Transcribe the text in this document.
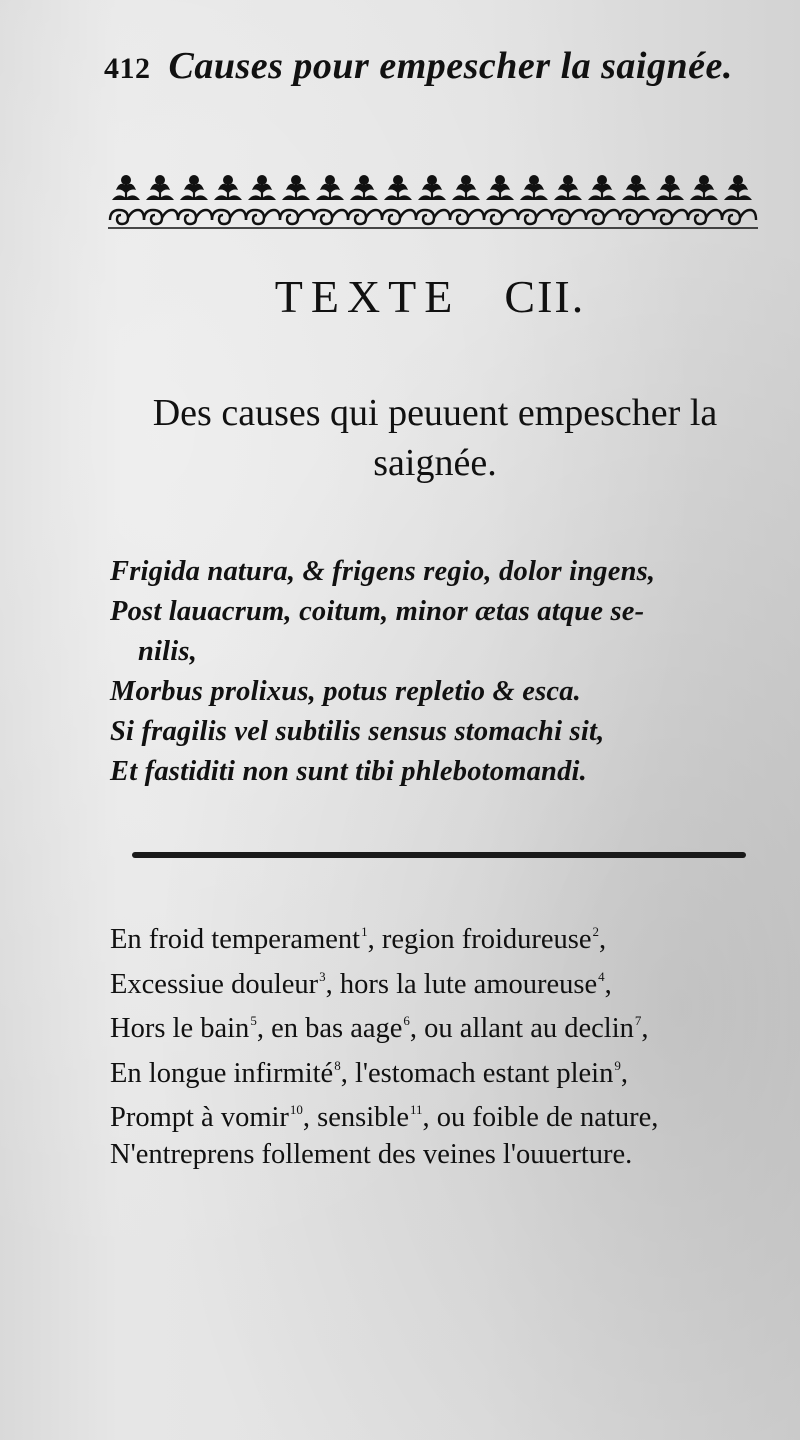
412 Causes pour empescher la saignée.
TEXTE CII.
Des causes qui peuuent empescher la
saignée.
Frigida natura, & frigens regio, dolor ingens,
Post lauacrum, coitum, minor ætas atque se-
nilis,
Morbus prolixus, potus repletio & esca.
Si fragilis vel subtilis sensus stomachi sit,
Et fastiditi non sunt tibi phlebotomandi.
En froid temperament$^1$, region froidureuse$^2$,
Excessiue douleur$^3$, hors la lute amoureuse$^4$,
Hors le bain$^5$, en bas aage$^6$, ou allant au declin$^7$,
En longue infirmité$^8$, l'estomach estant plein$^9$,
Prompt à vomir$^{10}$, sensible$^{11}$, ou foible de nature,
N'entreprens follement des veines l'ouuerture.
